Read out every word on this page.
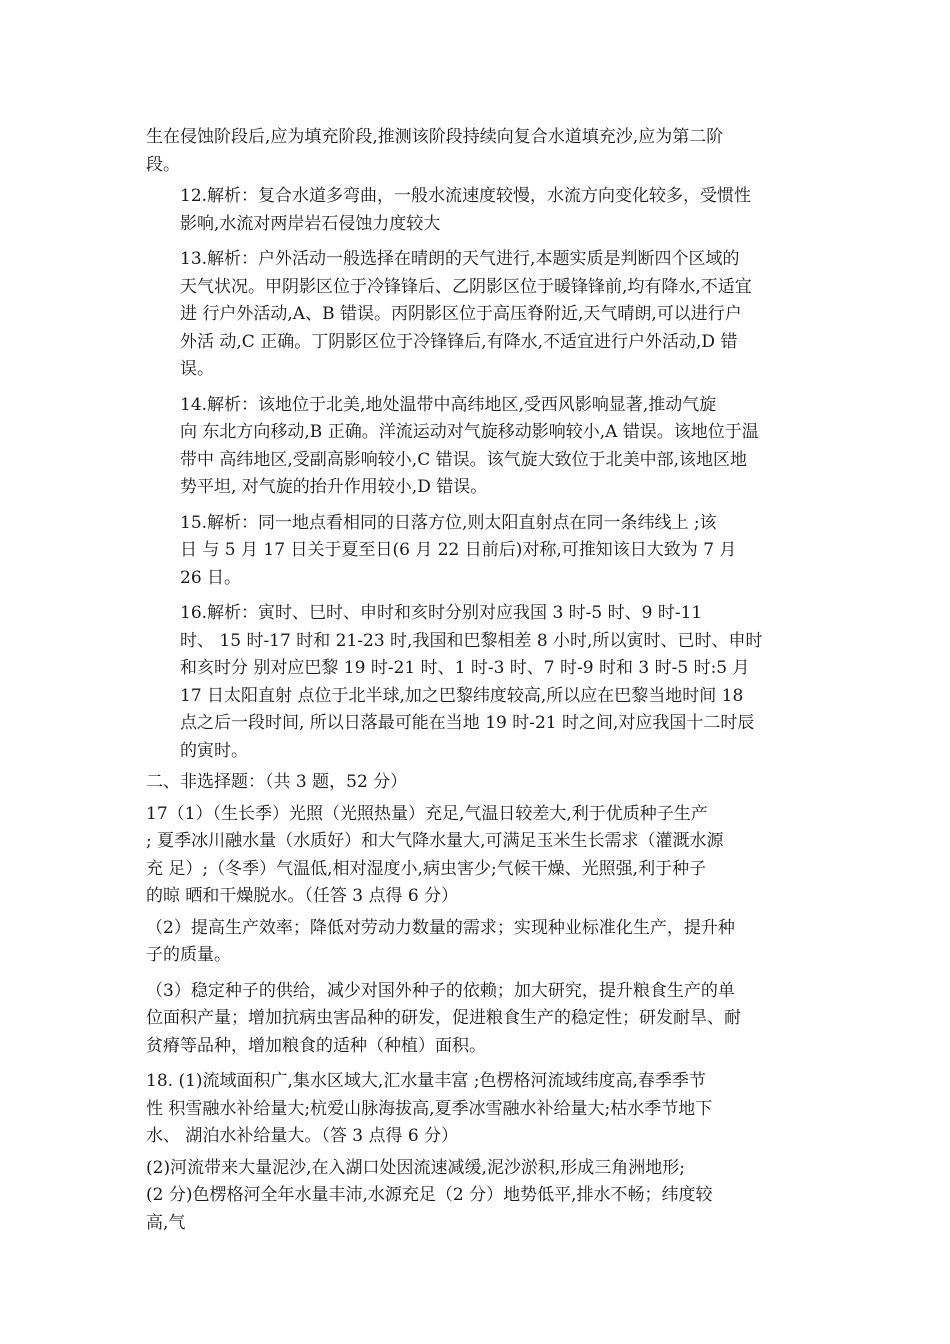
生在侵蚀阶段后,应为填充阶段,推测该阶段持续向复合水道填充沙,应为第二阶
段。

12.解析：复合水道多弯曲，一般水流速度较慢，水流方向变化较多，受惯性
影响,水流对两岸岩石侵蚀力度较大

13.解析：户外活动一般选择在晴朗的天气进行,本题实质是判断四个区域的
天气状况。甲阴影区位于冷锋锋后、乙阴影区位于暖锋锋前,均有降水,不适宜
进 行户外活动,A、B 错误。丙阴影区位于高压脊附近,天气晴朗,可以进行户
外活 动,C 正确。丁阴影区位于冷锋锋后,有降水,不适宜进行户外活动,D 错
误。

14.解析：该地位于北美,地处温带中高纬地区,受西风影响显著,推动气旋
向 东北方向移动,B 正确。洋流运动对气旋移动影响较小,A 错误。该地位于温
带中 高纬地区,受副高影响较小,C 错误。该气旋大致位于北美中部,该地区地
势平坦, 对气旋的抬升作用较小,D 错误。

15.解析：同一地点看相同的日落方位,则太阳直射点在同一条纬线上 ;该
日 与 5 月 17 日关于夏至日(6 月 22 日前后)对称,可推知该日大致为 7 月
26 日。

16.解析：寅时、巳时、申时和亥时分别对应我国 3 时-5 时、9 时-11
时、 15 时-17 时和 21-23 时,我国和巴黎相差 8 小时,所以寅时、已时、申时
和亥时分 别对应巴黎 19 时-21 时、1 时-3 时、7 时-9 时和 3 时-5 时:5 月
17 日太阳直射 点位于北半球,加之巴黎纬度较高,所以应在巴黎当地时间 18
点之后一段时间, 所以日落最可能在当地 19 时-21 时之间,对应我国十二时辰
的寅时。

二、非选择题：（共 3 题，52 分）

17（1）（生长季）光照（光照热量）充足,气温日较差大,利于优质种子生产
; 夏季冰川融水量（水质好）和大气降水量大,可满足玉米生长需求（灌溉水源
充 足）;（冬季）气温低,相对湿度小,病虫害少;气候干燥、光照强,利于种子
的晾 晒和干燥脱水。（任答 3 点得 6 分）

（2）提高生产效率；降低对劳动力数量的需求；实现种业标准化生产，提升种
子的质量。

（3）稳定种子的供给，减少对国外种子的依赖；加大研究，提升粮食生产的单
位面积产量；增加抗病虫害品种的研发，促进粮食生产的稳定性；研发耐旱、耐
贫瘠等品种，增加粮食的适种（种植）面积。

18. (1)流域面积广,集水区域大,汇水量丰富 ;色楞格河流域纬度高,春季季节
性 积雪融水补给量大;杭爱山脉海拔高,夏季冰雪融水补给量大;枯水季节地下
水、 湖泊水补给量大。（答 3 点得 6 分）

(2)河流带来大量泥沙,在入湖口处因流速减缓,泥沙淤积,形成三角洲地形;

(2 分)色楞格河全年水量丰沛,水源充足（2 分）地势低平,排水不畅；纬度较
高,气
